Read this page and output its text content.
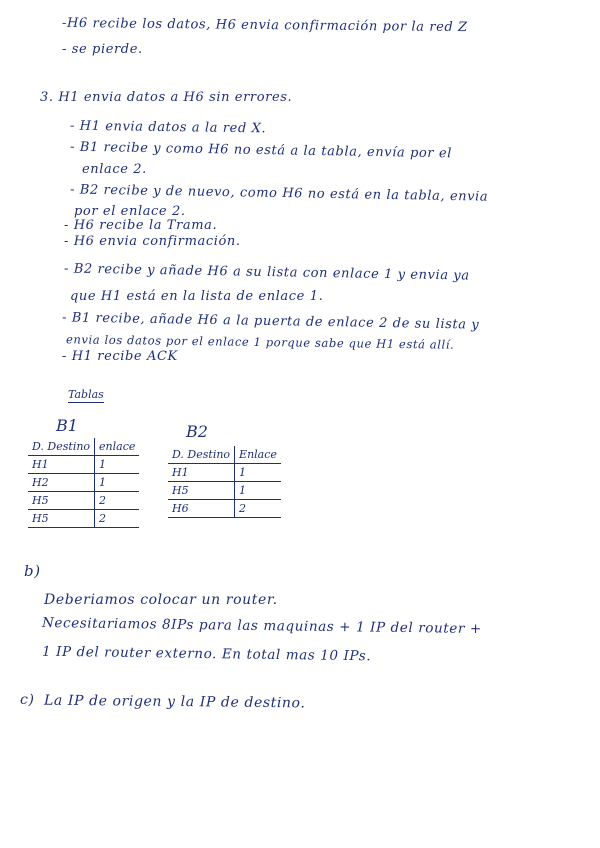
-H6 recibe los datos, H6 envia confirmación por la red Z
- se pierde.
3. H1 envia datos a H6 sin errores.
- H1 envia datos a la red X.
- B1 recibe y como H6 no está a la tabla, envía por el
enlace 2.
- B2 recibe y de nuevo, como H6 no está en la tabla, envia
por el enlace 2.
- H6 recibe la Trama.
- H6 envia confirmación.
- B2 recibe y añade H6 a su lista con enlace 1 y envia ya
que H1 está en la lista de enlace 1.
- B1 recibe, añade H6 a la puerta de enlace 2 de su lista y
envia los datos por el enlace 1 porque sabe que H1 está allí.
- H1 recibe ACK
Tablas
B1
D. Destino	enlace
H1	1
H2	1
H5	2
H5	2
B2
D. Destino	Enlace
H1	1
H5	1
H6	2
b)
Deberiamos colocar un router.
Necesitariamos 8IPs para las maquinas + 1 IP del router +
1 IP del router externo. En total mas 10 IPs.
c) La IP de origen y la IP de destino.
